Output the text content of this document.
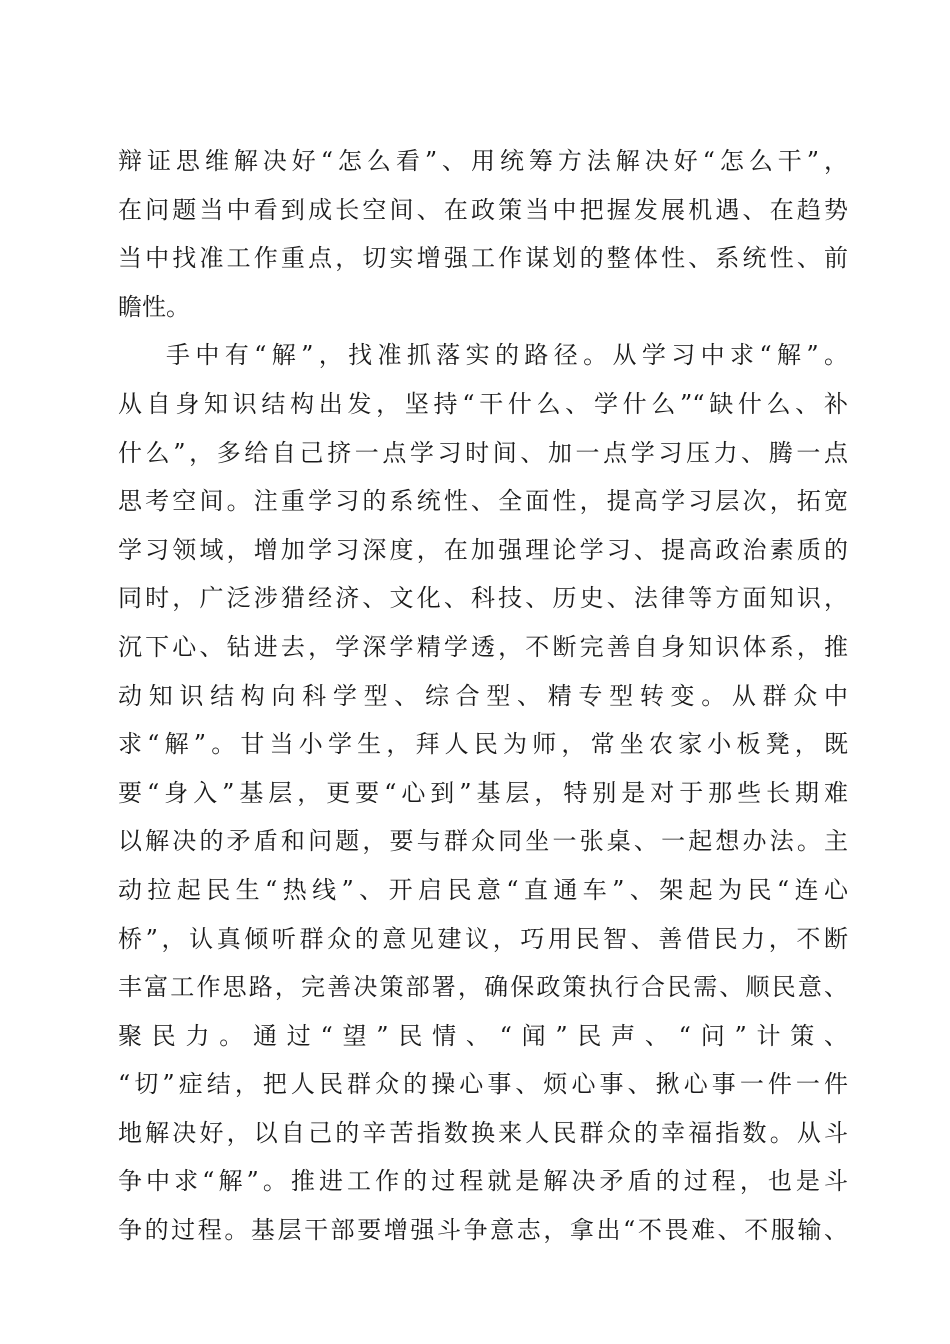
辩证思维解决好“怎么看”、用统筹方法解决好“怎么干”，
在问题当中看到成长空间、在政策当中把握发展机遇、在趋势
当中找准工作重点，切实增强工作谋划的整体性、系统性、前
瞻性。
手中有“解”，找准抓落实的路径。从学习中求“解”。
从自身知识结构出发，坚持“干什么、学什么”“缺什么、补
什么”，多给自己挤一点学习时间、加一点学习压力、腾一点
思考空间。注重学习的系统性、全面性，提高学习层次，拓宽
学习领域，增加学习深度，在加强理论学习、提高政治素质的
同时，广泛涉猎经济、文化、科技、历史、法律等方面知识，
沉下心、钻进去，学深学精学透，不断完善自身知识体系，推
动知识结构向科学型、综合型、精专型转变。从群众中
求“解”。甘当小学生，拜人民为师，常坐农家小板凳，既
要“身入”基层，更要“心到”基层，特别是对于那些长期难
以解决的矛盾和问题，要与群众同坐一张桌、一起想办法。主
动拉起民生“热线”、开启民意“直通车”、架起为民“连心
桥”，认真倾听群众的意见建议，巧用民智、善借民力，不断
丰富工作思路，完善决策部署，确保政策执行合民需、顺民意、
聚民力。通过“望”民情、“闻”民声、“问”计策、
“切”症结，把人民群众的操心事、烦心事、揪心事一件一件
地解决好，以自己的辛苦指数换来人民群众的幸福指数。从斗
争中求“解”。推进工作的过程就是解决矛盾的过程，也是斗
争的过程。基层干部要增强斗争意志，拿出“不畏难、不服输、
